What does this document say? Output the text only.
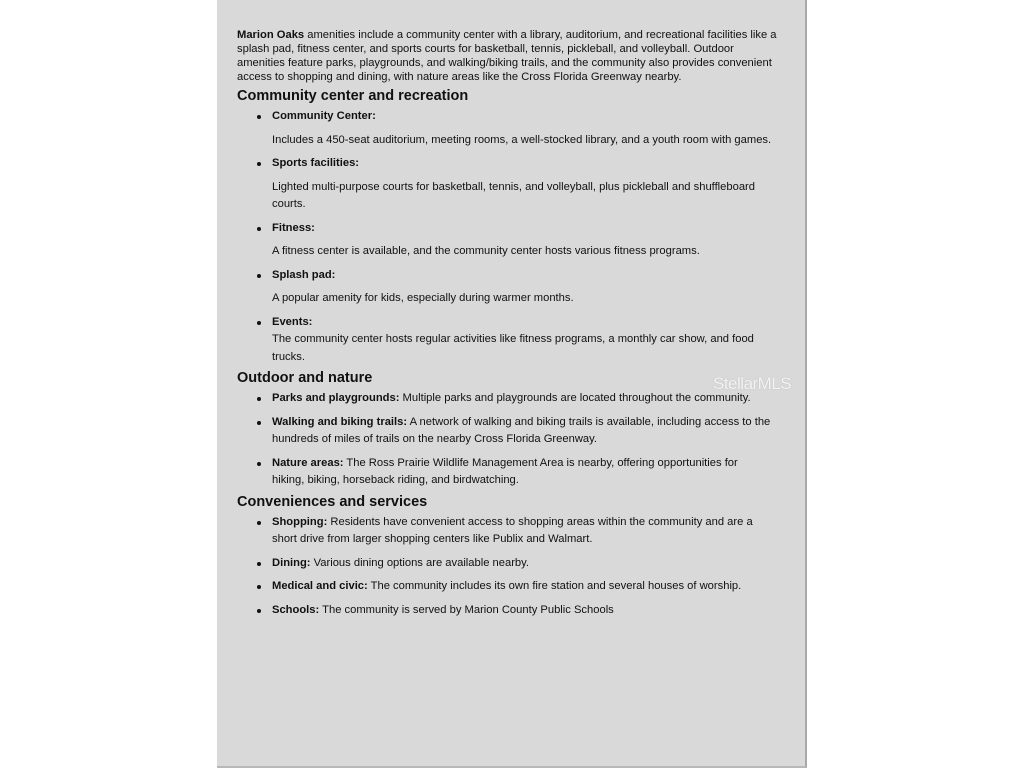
Marion Oaks amenities include a community center with a library, auditorium, and recreational facilities like a splash pad, fitness center, and sports courts for basketball, tennis, pickleball, and volleyball. Outdoor amenities feature parks, playgrounds, and walking/biking trails, and the community also provides convenient access to shopping and dining, with nature areas like the Cross Florida Greenway nearby.

Community center and recreation
Community Center:
Includes a 450-seat auditorium, meeting rooms, a well-stocked library, and a youth room with games.
Sports facilities:
Lighted multi-purpose courts for basketball, tennis, and volleyball, plus pickleball and shuffleboard courts.
Fitness:
A fitness center is available, and the community center hosts various fitness programs.
Splash pad:
A popular amenity for kids, especially during warmer months.
Events:
The community center hosts regular activities like fitness programs, a monthly car show, and food trucks.
Outdoor and nature
Parks and playgrounds: Multiple parks and playgrounds are located throughout the community.
Walking and biking trails: A network of walking and biking trails is available, including access to the hundreds of miles of trails on the nearby Cross Florida Greenway.
Nature areas: The Ross Prairie Wildlife Management Area is nearby, offering opportunities for hiking, biking, horseback riding, and birdwatching.
Conveniences and services
Shopping: Residents have convenient access to shopping areas within the community and are a short drive from larger shopping centers like Publix and Walmart.
Dining: Various dining options are available nearby.
Medical and civic: The community includes its own fire station and several houses of worship.
Schools: The community is served by Marion County Public Schools
StellarMLS
